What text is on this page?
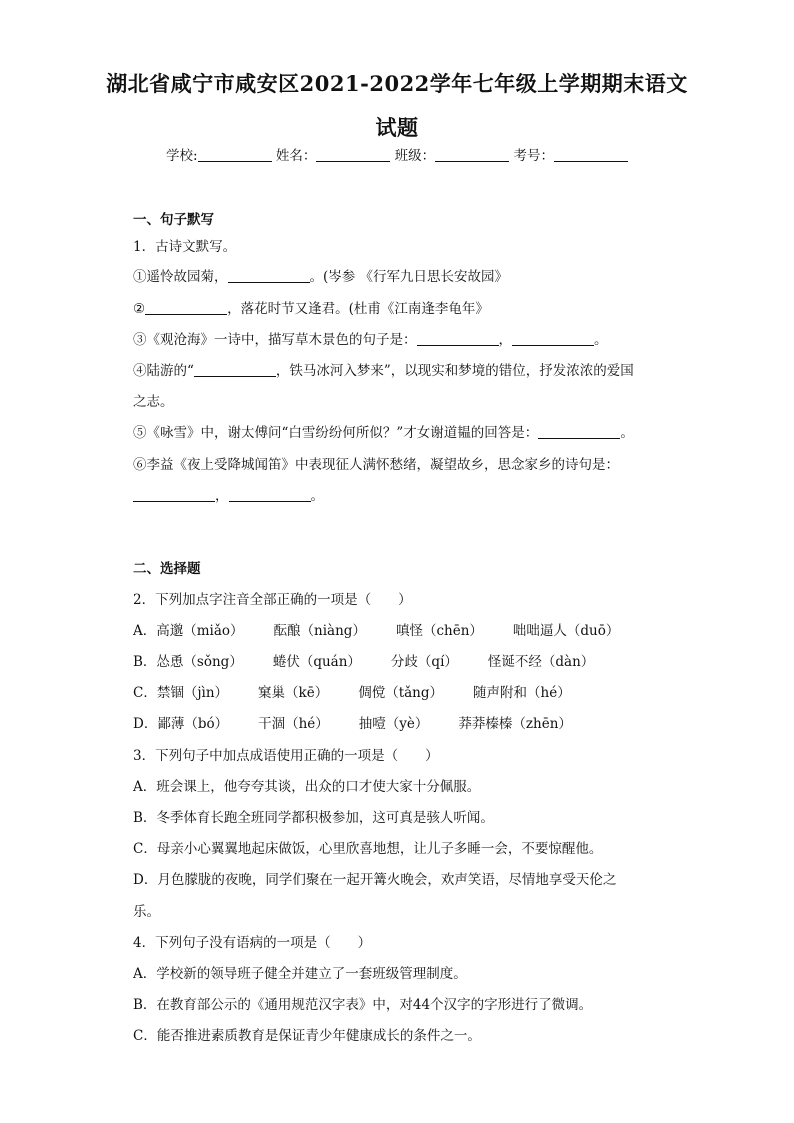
湖北省咸宁市咸安区2021-2022学年七年级上学期期末语文
试题
学校:	姓名：	班级：	考号：
一、句子默写
1．古诗文默写。
①遥怜故园菊，	。(岑参 《行军九日思长安故园》
②	，落花时节又逢君。(杜甫《江南逢李龟年》
③《观沧海》一诗中，描写草木景色的句子是：	，	。
④陆游的“	，铁马冰河入梦来”，以现实和梦境的错位，抒发浓浓的爱国
之志。
⑤《咏雪》中，谢太傅问“白雪纷纷何所似？”才女谢道韫的回答是：	。
⑥李益《夜上受降城闻笛》中表现征人满怀愁绪，凝望故乡，思念家乡的诗句是：
，	。
二、选择题
2．下列加点字注音全部正确的一项是（　　）
A．高邈（miǎo） 酝酿（niàng） 嗔怪（chēn） 咄咄逼人（duō）
B．怂恿（sǒng） 蜷伏（quán） 分歧（qí） 怪诞不经（dàn）
C．禁锢（jìn） 窠巢（kē） 倜傥（tǎng） 随声附和（hé）
D．鄙薄（bó） 干涸（hé） 抽噎（yè） 莽莽榛榛（zhēn）
3．下列句子中加点成语使用正确的一项是（　　）
A．班会课上，他夸夸其谈，出众的口才使大家十分佩服。
B．冬季体育长跑全班同学都积极参加，这可真是骇人听闻。
C．母亲小心翼翼地起床做饭，心里欣喜地想，让儿子多睡一会，不要惊醒他。
D．月色朦胧的夜晚，同学们聚在一起开篝火晚会，欢声笑语，尽情地享受天伦之
乐。
4．下列句子没有语病的一项是（　　）
A．学校新的领导班子健全并建立了一套班级管理制度。
B．在教育部公示的《通用规范汉字表》中，对44个汉字的字形进行了微调。
C．能否推进素质教育是保证青少年健康成长的条件之一。
